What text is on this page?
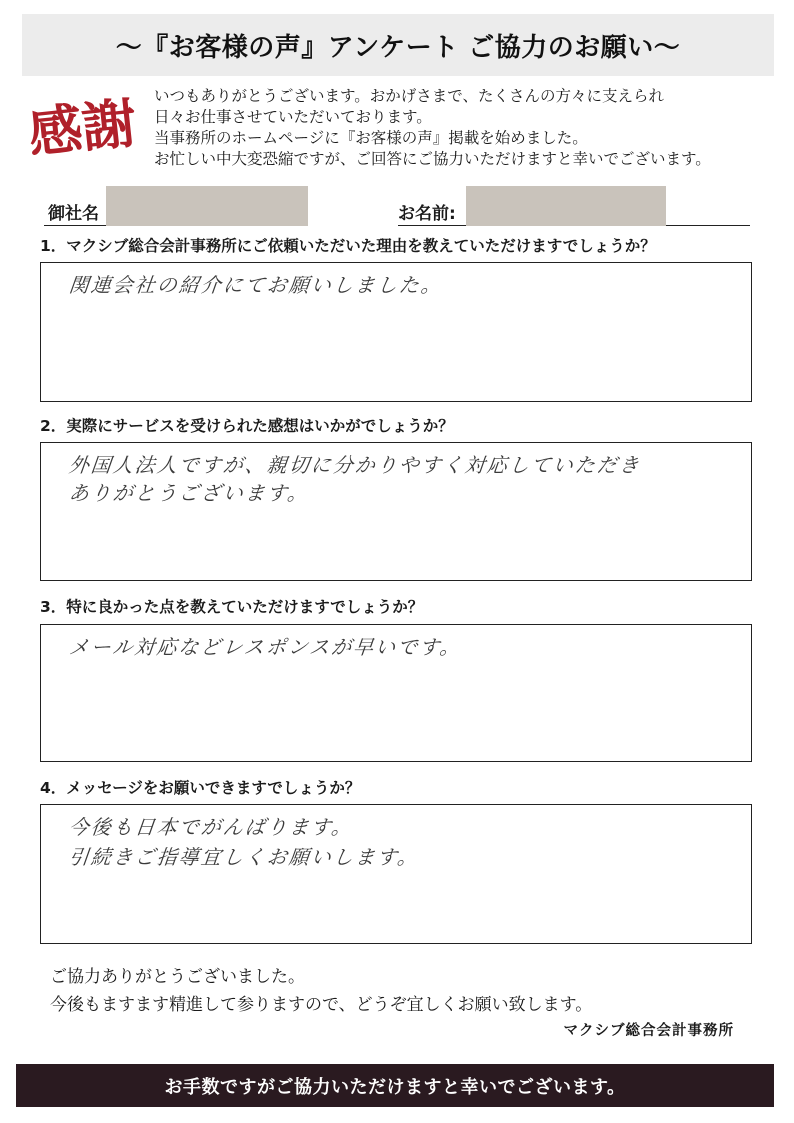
〜『お客様の声』アンケート ご協力のお願い〜
感謝 いつもありがとうございます。おかげさまで、たくさんの方々に支えられ
日々お仕事させていただいております。
当事務所のホームページに『お客様の声』掲載を始めました。
お忙しい中大変恐縮ですが、ご回答にご協力いただけますと幸いでございます。
御社名	お名前:
1．マクシブ総合会計事務所にご依頼いただいた理由を教えていただけますでしょうか？
関連会社の紹介にてお願いしました。
2．実際にサービスを受けられた感想はいかがでしょうか？
外国人法人ですが、親切に分かりやすく対応していただき
ありがとうございます。
3．特に良かった点を教えていただけますでしょうか？
メール対応などレスポンスが早いです。
4．メッセージをお願いできますでしょうか？
今後も日本でがんばります。
引続きご指導宜しくお願いします。
ご協力ありがとうございました。
今後もますます精進して参りますので、どうぞ宜しくお願い致します。
マクシブ総合会計事務所
お手数ですがご協力いただけますと幸いでございます。
